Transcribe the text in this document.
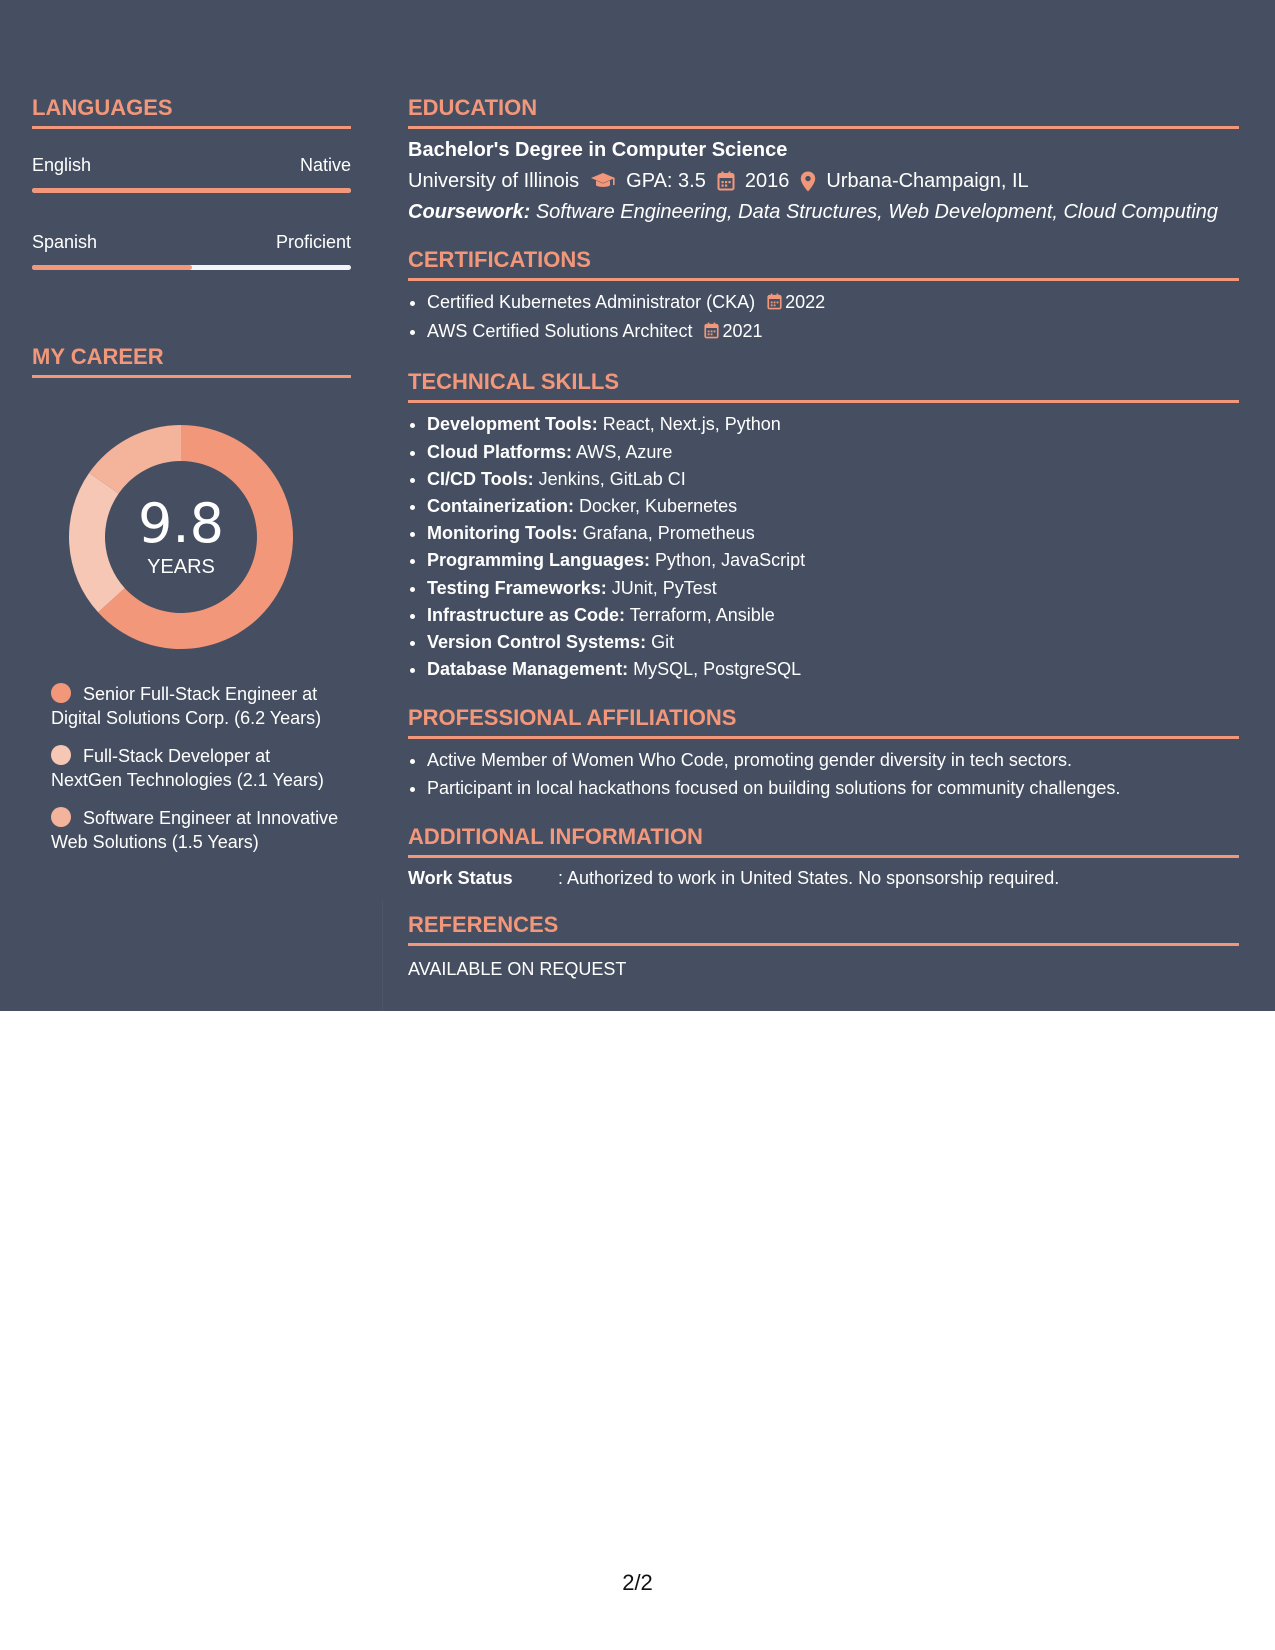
LANGUAGES
English	Native
Spanish	Proficient
MY CAREER
9.8
YEARS
Senior Full-Stack Engineer at Digital Solutions Corp. (6.2 Years)
Full-Stack Developer at NextGen Technologies (2.1 Years)
Software Engineer at Innovative Web Solutions (1.5 Years)
EDUCATION
Bachelor's Degree in Computer Science
University of Illinois GPA: 3.5 2016 Urbana-Champaign, IL
Coursework: Software Engineering, Data Structures, Web Development, Cloud Computing
CERTIFICATIONS
• Certified Kubernetes Administrator (CKA) 2022
• AWS Certified Solutions Architect 2021
TECHNICAL SKILLS
• Development Tools: React, Next.js, Python
• Cloud Platforms: AWS, Azure
• CI/CD Tools: Jenkins, GitLab CI
• Containerization: Docker, Kubernetes
• Monitoring Tools: Grafana, Prometheus
• Programming Languages: Python, JavaScript
• Testing Frameworks: JUnit, PyTest
• Infrastructure as Code: Terraform, Ansible
• Version Control Systems: Git
• Database Management: MySQL, PostgreSQL
PROFESSIONAL AFFILIATIONS
• Active Member of Women Who Code, promoting gender diversity in tech sectors.
• Participant in local hackathons focused on building solutions for community challenges.
ADDITIONAL INFORMATION
Work Status	: Authorized to work in United States. No sponsorship required.
REFERENCES
AVAILABLE ON REQUEST
2/2
